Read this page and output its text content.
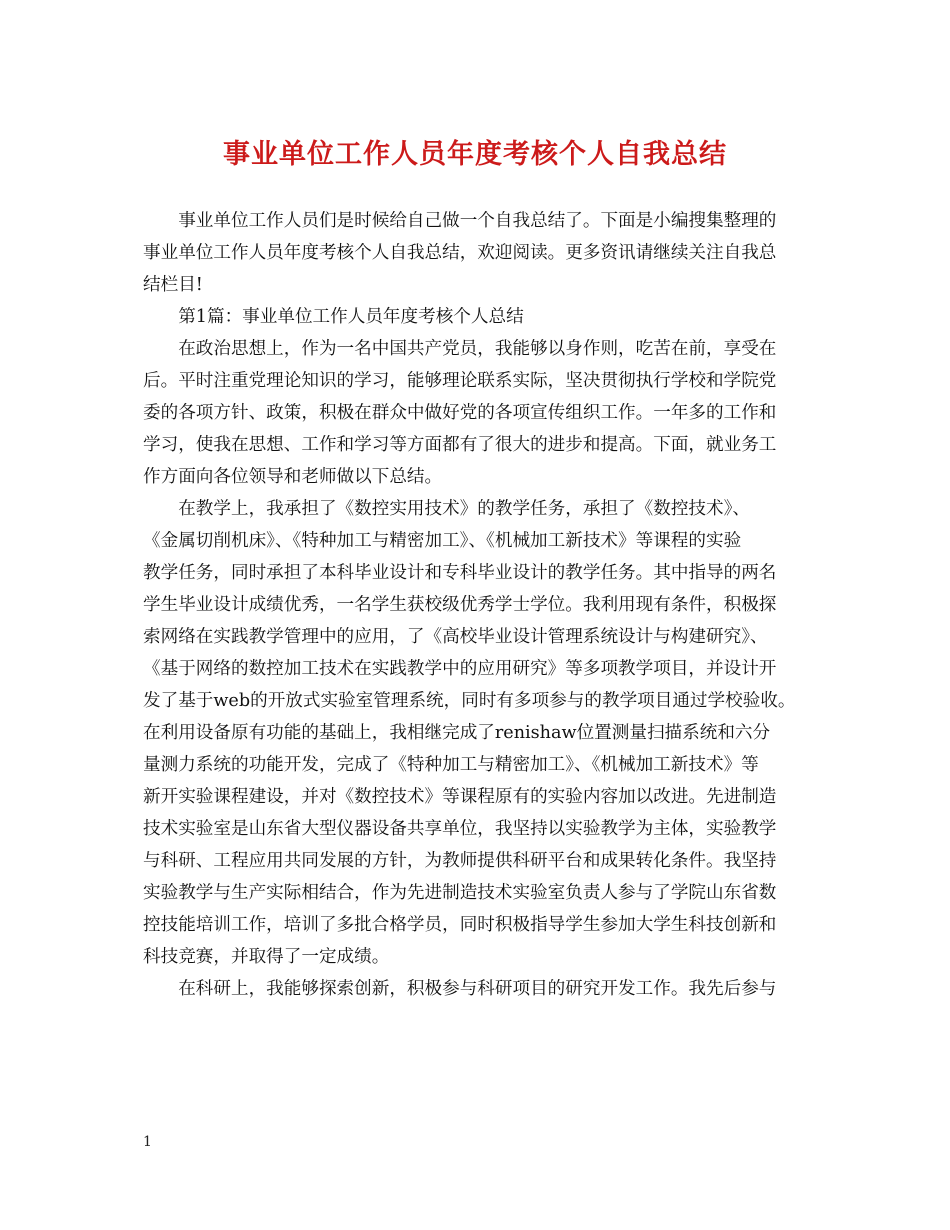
事业单位工作人员年度考核个人自我总结
　　事业单位工作人员们是时候给自己做一个自我总结了。下面是小编搜集整理的
事业单位工作人员年度考核个人自我总结，欢迎阅读。更多资讯请继续关注自我总
结栏目!
　　第1篇：事业单位工作人员年度考核个人总结
　　在政治思想上，作为一名中国共产党员，我能够以身作则，吃苦在前，享受在
后。平时注重党理论知识的学习，能够理论联系实际，坚决贯彻执行学校和学院党
委的各项方针、政策，积极在群众中做好党的各项宣传组织工作。一年多的工作和
学习，使我在思想、工作和学习等方面都有了很大的进步和提高。下面，就业务工
作方面向各位领导和老师做以下总结。
　　在教学上，我承担了《数控实用技术》的教学任务，承担了《数控技术》、
《金属切削机床》、《特种加工与精密加工》、《机械加工新技术》等课程的实验
教学任务，同时承担了本科毕业设计和专科毕业设计的教学任务。其中指导的两名
学生毕业设计成绩优秀，一名学生获校级优秀学士学位。我利用现有条件，积极探
索网络在实践教学管理中的应用，了《高校毕业设计管理系统设计与构建研究》、
《基于网络的数控加工技术在实践教学中的应用研究》等多项教学项目，并设计开
发了基于web的开放式实验室管理系统，同时有多项参与的教学项目通过学校验收。
在利用设备原有功能的基础上，我相继完成了renishaw位置测量扫描系统和六分
量测力系统的功能开发，完成了《特种加工与精密加工》、《机械加工新技术》等
新开实验课程建设，并对《数控技术》等课程原有的实验内容加以改进。先进制造
技术实验室是山东省大型仪器设备共享单位，我坚持以实验教学为主体，实验教学
与科研、工程应用共同发展的方针，为教师提供科研平台和成果转化条件。我坚持
实验教学与生产实际相结合，作为先进制造技术实验室负责人参与了学院山东省数
控技能培训工作，培训了多批合格学员，同时积极指导学生参加大学生科技创新和
科技竞赛，并取得了一定成绩。
　　在科研上，我能够探索创新，积极参与科研项目的研究开发工作。我先后参与
1
